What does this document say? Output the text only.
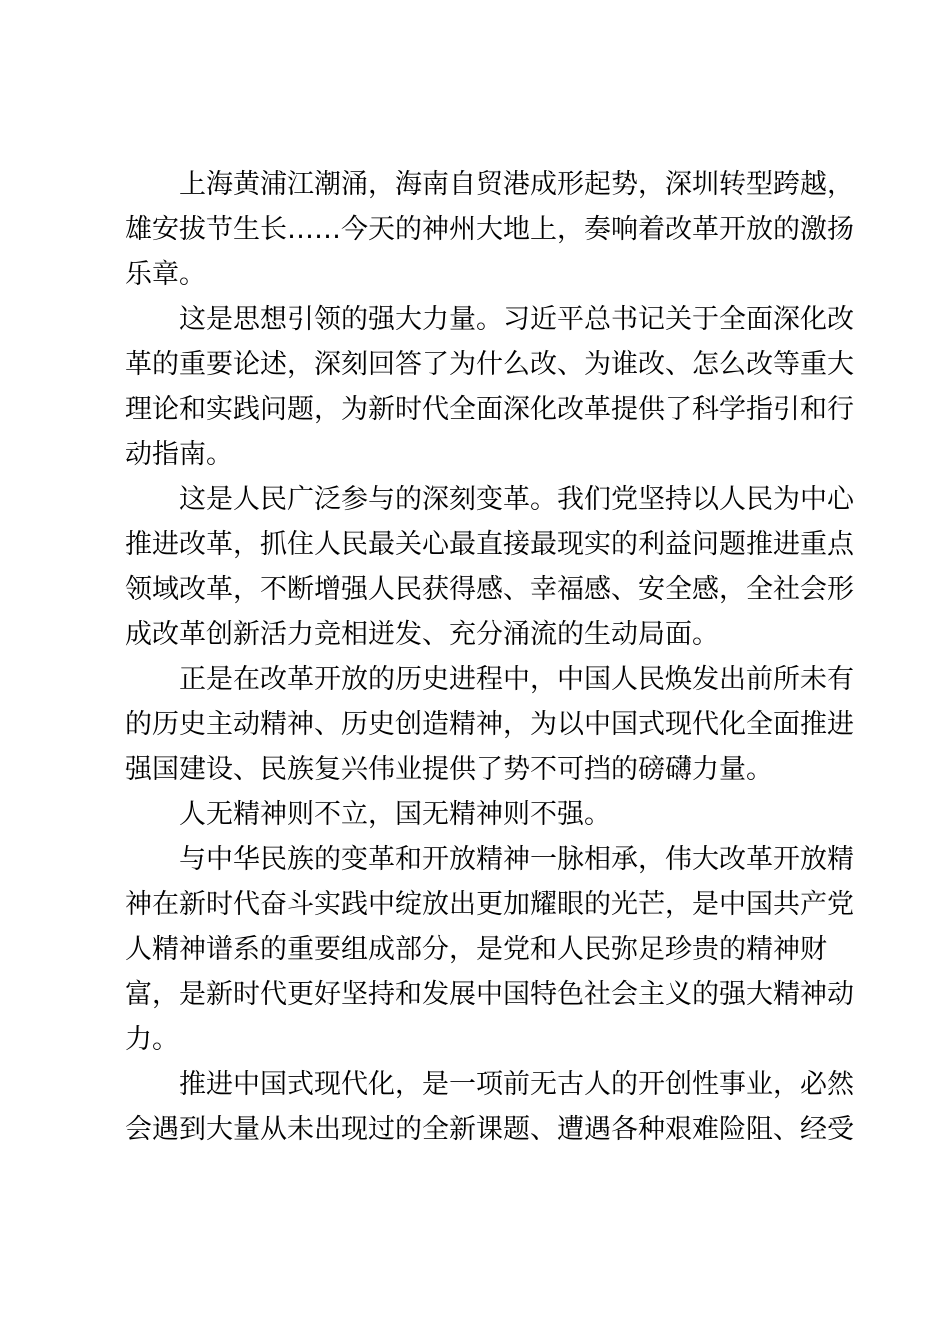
上海黄浦江潮涌，海南自贸港成形起势，深圳转型跨越，
雄安拔节生长……今天的神州大地上，奏响着改革开放的激扬
乐章。
这是思想引领的强大力量。习近平总书记关于全面深化改
革的重要论述，深刻回答了为什么改、为谁改、怎么改等重大
理论和实践问题，为新时代全面深化改革提供了科学指引和行
动指南。
这是人民广泛参与的深刻变革。我们党坚持以人民为中心
推进改革，抓住人民最关心最直接最现实的利益问题推进重点
领域改革，不断增强人民获得感、幸福感、安全感，全社会形
成改革创新活力竞相迸发、充分涌流的生动局面。
正是在改革开放的历史进程中，中国人民焕发出前所未有
的历史主动精神、历史创造精神，为以中国式现代化全面推进
强国建设、民族复兴伟业提供了势不可挡的磅礴力量。
人无精神则不立，国无精神则不强。
与中华民族的变革和开放精神一脉相承，伟大改革开放精
神在新时代奋斗实践中绽放出更加耀眼的光芒，是中国共产党
人精神谱系的重要组成部分，是党和人民弥足珍贵的精神财
富，是新时代更好坚持和发展中国特色社会主义的强大精神动
力。
推进中国式现代化，是一项前无古人的开创性事业，必然
会遇到大量从未出现过的全新课题、遭遇各种艰难险阻、经受
